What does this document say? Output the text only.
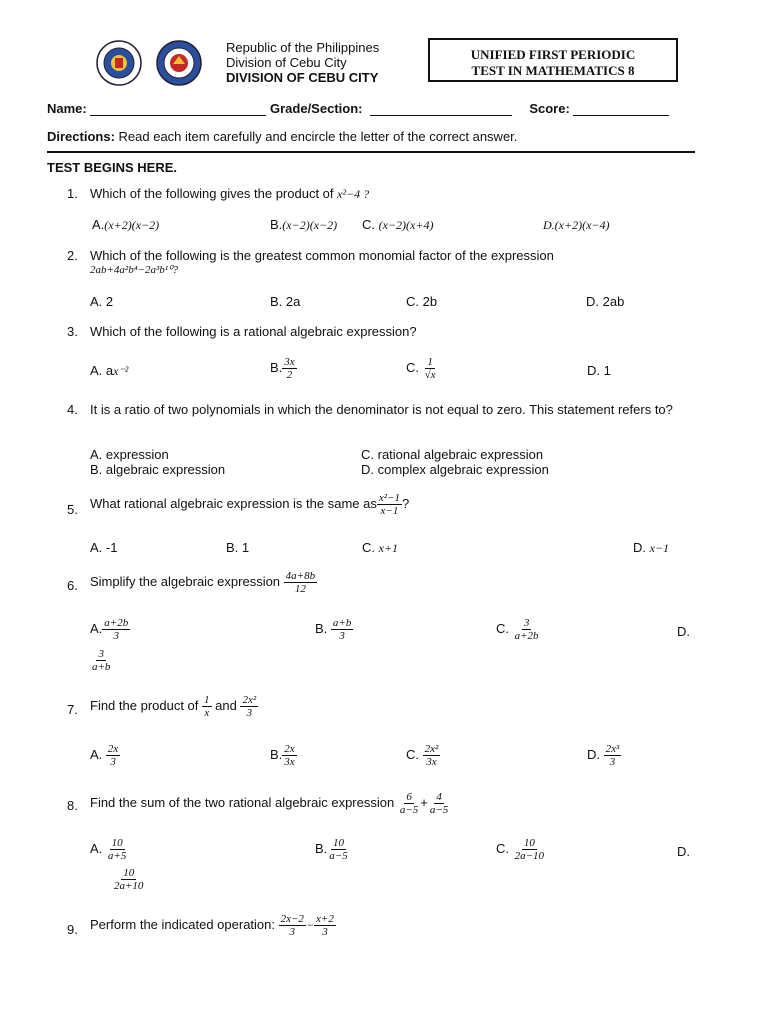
Republic of the Philippines
Division of Cebu City
DIVISION OF CEBU CITY
UNIFIED FIRST PERIODIC
TEST IN MATHEMATICS 8
Name:	Grade/Section:	Score:
Directions: Read each item carefully and encircle the letter of the correct answer.
TEST BEGINS HERE.
1. Which of the following gives the product of x²−4 ?
A.(x+2)(x−2)	B.(x−2)(x−2) C. (x−2)(x+4)	D.(x+2)(x−4)
2. Which of the following is the greatest common monomial factor of the expression
2ab+4a²b⁴−2a³b¹⁰?
A. 2	B. 2a	C. 2b	D. 2ab
3. Which of the following is a rational algebraic expression?
A. ax⁻²	B. $\frac{3x}{2}$	C. $\frac{1}{√x}$	D. 1
4. It is a ratio of two polynomials in which the denominator is not equal to zero. This statement refers to?
A. expression
B. algebraic expression
C. rational algebraic expression
D. complex algebraic expression
5. What rational algebraic expression is the same as $\frac{\text{x²−1}}{x-1}$ ?
A. -1	B. 1	C. x+1	D. x−1
6. Simplify the algebraic expression $\frac{4a+8b}{12}$
A. $\frac{a+2b}{3}$	B. $\frac{a+b}{3}$	C. $\frac{3}{a+2b}$	D.
$\frac{3}{a+b}$
7. Find the product of $\frac{1}{x}$ and $\frac{\text{2x²}}{3}$
A. $\frac{2x}{3}$	B. $\frac{2x}{3x}$	C. $\frac{\text{2x²}}{3x}$	D. $\frac{\text{2x³}}{3}$
8. Find the sum of the two rational algebraic expression $\frac{6}{a-5} + \frac{4}{a-5}$
A. $\frac{10}{a+5}$	B. $\frac{10}{a-5}$	C. $\frac{10}{2a-10}$	D.
$\frac{10}{2a+10}$
9. Perform the indicated operation: $\frac{2x-2}{3} - \frac{x+2}{3}$
